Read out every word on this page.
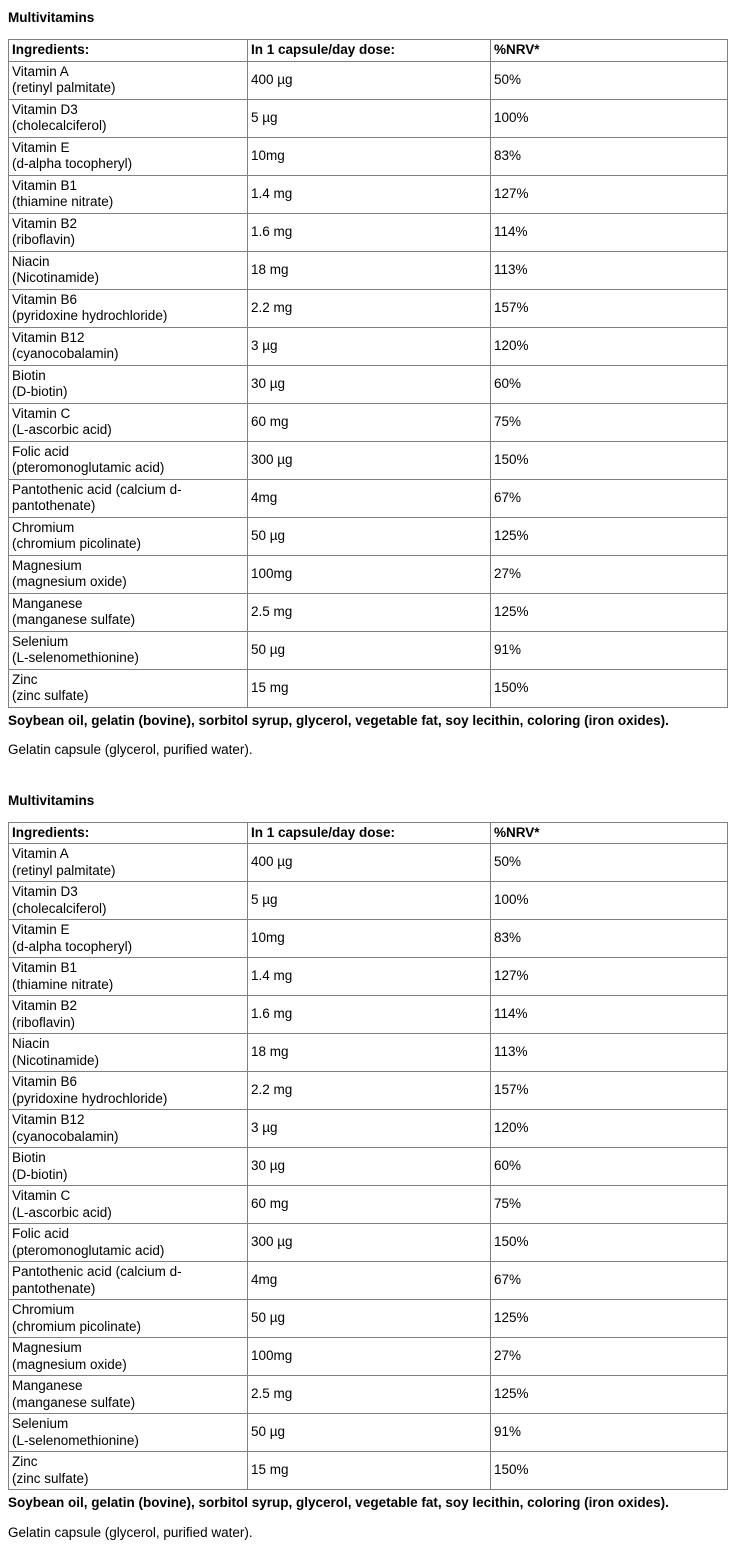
Multivitamins
Ingredients:	In 1 capsule/day dose:	%NRV*

Vitamin A
(retinyl palmitate)	400 µg	50%

Vitamin D3
(cholecalciferol)	5 µg	100%

Vitamin E
(d-alpha tocopheryl)	10mg	83%

Vitamin B1
(thiamine nitrate)	1.4 mg	127%

Vitamin B2
(riboflavin)	1.6 mg	114%

Niacin
(Nicotinamide)	18 mg	113%

Vitamin B6
(pyridoxine hydrochloride)	2.2 mg	157%

Vitamin B12
(cyanocobalamin)	3 µg	120%

Biotin
(D-biotin)	30 µg	60%

Vitamin C
(L-ascorbic acid)	60 mg	75%

Folic acid
(pteromonoglutamic acid)	300 µg	150%

Pantothenic acid (calcium d-pantothenate)	4mg	67%

Chromium
(chromium picolinate)	50 µg	125%

Magnesium
(magnesium oxide)	100mg	27%

Manganese
(manganese sulfate)	2.5 mg	125%

Selenium
(L-selenomethionine)	50 µg	91%

Zinc
(zinc sulfate)	15 mg	150%

Soybean oil, gelatin (bovine), sorbitol syrup, glycerol, vegetable fat, soy lecithin, coloring (iron oxides).

Gelatin capsule (glycerol, purified water).

Multivitamins
Ingredients:	In 1 capsule/day dose:	%NRV*

Vitamin A
(retinyl palmitate)	400 µg	50%

Vitamin D3
(cholecalciferol)	5 µg	100%

Vitamin E
(d-alpha tocopheryl)	10mg	83%

Vitamin B1
(thiamine nitrate)	1.4 mg	127%

Vitamin B2
(riboflavin)	1.6 mg	114%

Niacin
(Nicotinamide)	18 mg	113%

Vitamin B6
(pyridoxine hydrochloride)	2.2 mg	157%

Vitamin B12
(cyanocobalamin)	3 µg	120%

Biotin
(D-biotin)	30 µg	60%

Vitamin C
(L-ascorbic acid)	60 mg	75%

Folic acid
(pteromonoglutamic acid)	300 µg	150%

Pantothenic acid (calcium d-pantothenate)	4mg	67%

Chromium
(chromium picolinate)	50 µg	125%

Magnesium
(magnesium oxide)	100mg	27%

Manganese
(manganese sulfate)	2.5 mg	125%

Selenium
(L-selenomethionine)	50 µg	91%

Zinc
(zinc sulfate)	15 mg	150%

Soybean oil, gelatin (bovine), sorbitol syrup, glycerol, vegetable fat, soy lecithin, coloring (iron oxides).

Gelatin capsule (glycerol, purified water).
